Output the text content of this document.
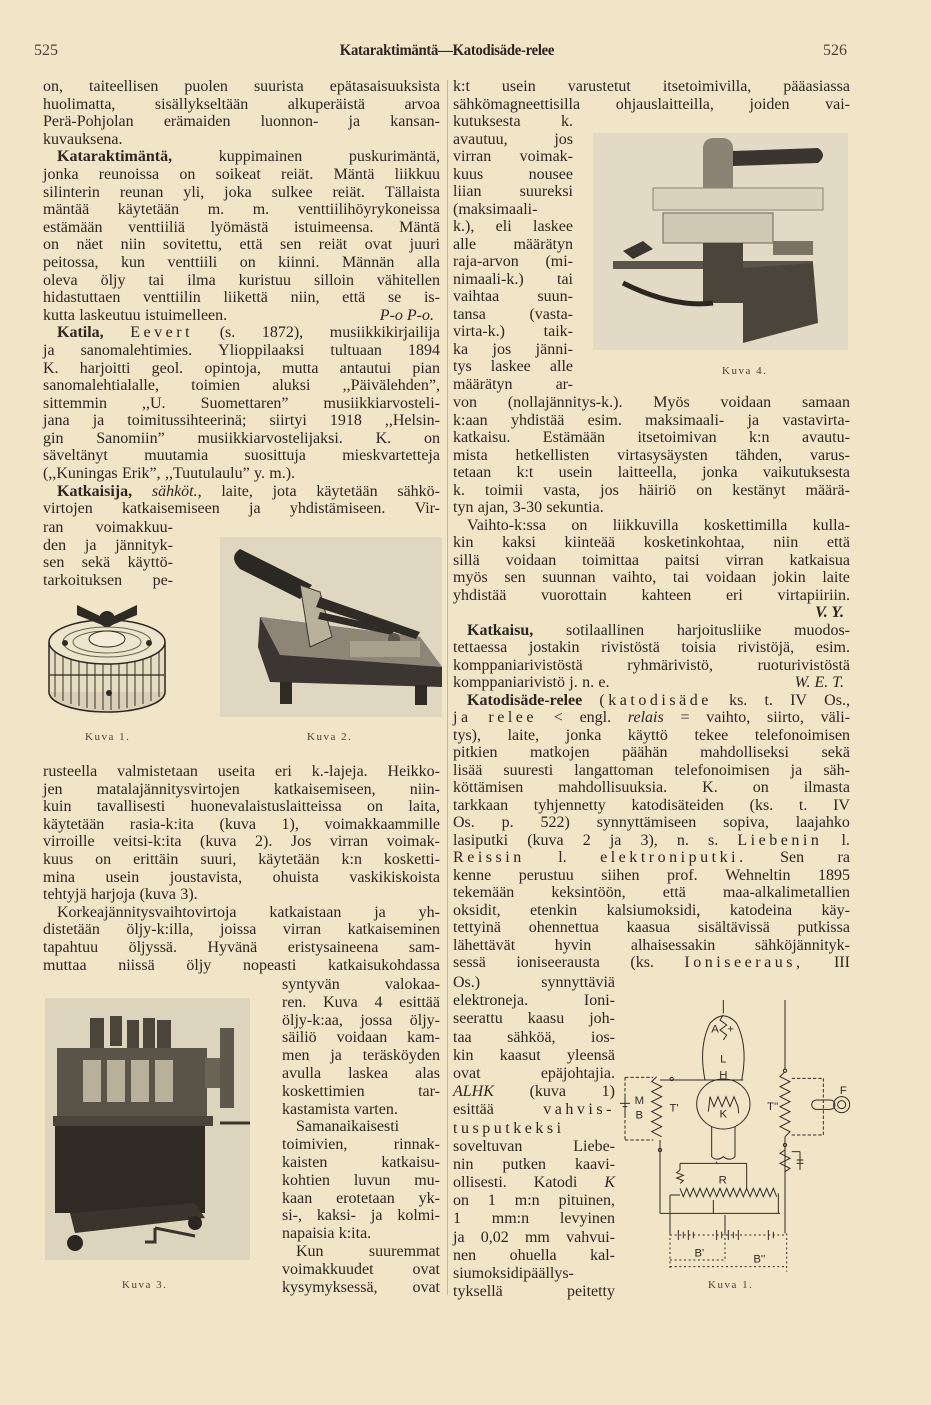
525	Kataraktimäntä—Katodisäde-relee	526
on, taiteellisen puolen suurista epätasaisuuksista
huolimatta, sisällykseltään alkuperäistä arvoa
Perä-Pohjolan erämaiden luonnon- ja kansan-
kuvauksena.
Kataraktimäntä,	kuppimainen	puskurimäntä,
jonka reunoissa on soikeat reiät. Mäntä liikkuu
silinterin reunan yli, joka sulkee reiät. Tällaista
mäntää käytetään m. m. venttiilihöyrykoneissa
estämään venttiiliä lyömästä istuimeensa. Mäntä
on näet niin sovitettu, että sen reiät ovat juuri
peitossa, kun venttiili on kiinni. Männän alla
oleva öljy tai ilma kuristuu silloin vähitellen
hidastuttaen venttiilin liikettä niin, että se is-
kutta laskeutuu istuimelleen.	P-o P-o.
Katila, Eevert (s. 1872), musiikkikirjailija
ja sanomalehtimies. Ylioppilaaksi tultuaan 1894
K. harjoitti geol. opintoja, mutta antautui pian
sanomalehtialalle, toimien aluksi ,,Päivälehden”,
sittemmin ,,U. Suomettaren” musiikkiarvosteli-
jana ja toimitussihteerinä; siirtyi 1918 ,,Helsin-
gin Sanomiin” musiikkiarvostelijaksi. K. on
säveltänyt muutamia suosittuja mieskvartetteja
(,,Kuningas Erik”, ,,Tuutulaulu” y. m.).
Katkaisija, sähköt., laite, jota käytetään sähkö-
virtojen katkaisemiseen ja yhdistämiseen. Vir-
ran voimakkuu-
den ja jännityk-
sen sekä käyttö-
tarkoituksen pe-
rusteella valmistetaan useita eri k.-lajeja. Heikko-
jen matalajännitysvirtojen katkaisemiseen, niin-
kuin tavallisesti huonevalaistuslaitteissa on laita,
käytetään rasia-k:ita (kuva 1), voimakkaammille
virroille veitsi-k:ita (kuva 2). Jos virran voimak-
kuus on erittäin suuri, käytetään k:n kosketti-
mina usein joustavista, ohuista vaskikiskoista
tehtyjä harjoja (kuva 3).
Korkeajännitysvaihtovirtoja katkaistaan ja yh-
distetään öljy-k:illa, joissa virran katkaiseminen
tapahtuu öljyssä. Hyvänä eristysaineena sam-
muttaa niissä öljy nopeasti katkaisukohdassa
syntyvän	valokaa-
ren. Kuva 4 esittää
öljy-k:aa, jossa öljy-
säiliö voidaan kam-
men ja teräsköyden
avulla laskea alas
koskettimien	tar-
kastamista varten.
Samanaikaisesti
toimivien,	rinnak-
kaisten	katkaisu-
kohtien luvun mu-
kaan erotetaan yk-
si-, kaksi- ja kolmi-
napaisia k:ita.
Kun	suuremmat
voimakkuudet ovat
kysymyksessä, ovat
k:t usein varustetut itsetoimivilla, pääasiassa
sähkömagneettisilla ohjauslaitteilla, joiden vai-
kutuksesta	k.
avautuu,	jos
virran voimak-
kuus	nousee
liian suureksi
(maksimaali-
k.), eli laskee
alle määrätyn
raja-arvon (mi-
nimaali-k.) tai
vaihtaa suun-
tansa	(vasta-
virta-k.) taik-
ka jos jänni-
tys laskee alle
määrätyn	ar-
von (nollajännitys-k.). Myös voidaan samaan
k:aan yhdistää esim. maksimaali- ja vastavirta-
katkaisu. Estämään itsetoimivan k:n avautu-
mista hetkellisten virtasysäysten tähden, varus-
tetaan k:t usein laitteella, jonka vaikutuksesta
k. toimii vasta, jos häiriö on kestänyt määrä-
tyn ajan, 3-30 sekuntia.
Vaihto-k:ssa on liikkuvilla koskettimilla kulla-
kin kaksi kiinteää kosketinkohtaa, niin että
sillä voidaan toimittaa paitsi virran katkaisua
myös sen suunnan vaihto, tai voidaan jokin laite
yhdistää vuorottain kahteen eri virtapiiriin.
V. Y.
Katkaisu, sotilaallinen harjoitusliike muodos-
tettaessa jostakin rivistöstä toisia rivistöjä, esim.
komppaniarivistöstä	ryhmärivistö,	ruoturivistöstä
komppaniarivistö j. n. e.	W. E. T.
Katodisäde-relee (katodisäde ks. t. IV Os.,
ja relee < engl. relais = vaihto, siirto, väli-
tys), laite, jonka käyttö tekee telefonoimisen
pitkien matkojen päähän mahdolliseksi sekä
lisää suuresti langattoman telefonoimisen ja säh-
köttämisen mahdollisuuksia. K. on ilmasta
tarkkaan tyhjennetty katodisäteiden (ks. t. IV
Os. p. 522) synnyttämiseen sopiva, laajahko
lasiputki (kuva 2 ja 3), n. s. Liebenin l.
Reissin l. elektroniputki. Sen ra
kenne perustuu siihen prof. Wehneltin 1895
tekemään keksintöön, että maa-alkalimetallien
oksidit, etenkin kalsiumoksidi, katodeina käy-
tettyinä ohennettua kaasua sisältävissä putkissa
lähettävät hyvin alhaisessakin sähköjännityk-
sessä ioniseerausta (ks. Ioniseeraus, III
Os.)	synnyttäviä
elektroneja.	Ioni-
seerattu kaasu joh-
taa sähköä, ios-
kin kaasut yleensä
ovat	epäjohtajia.
ALHK (kuva 1)
esittää	vahvis-
tusputkeksi
soveltuvan	Liebe-
nin putken kaavi-
ollisesti. Katodi K
on 1 m:n pituinen,
1 mm:n levyinen
ja 0,02 mm vahvui-
nen ohuella kal-
siumoksidipäällys-
tyksellä	peitetty
Kuva 1.	Kuva 2.
Kuva 3.
Kuva 4.
A +
L
H
K
T'	T''
M
B
F
R
B' B''
Kuva 1.
